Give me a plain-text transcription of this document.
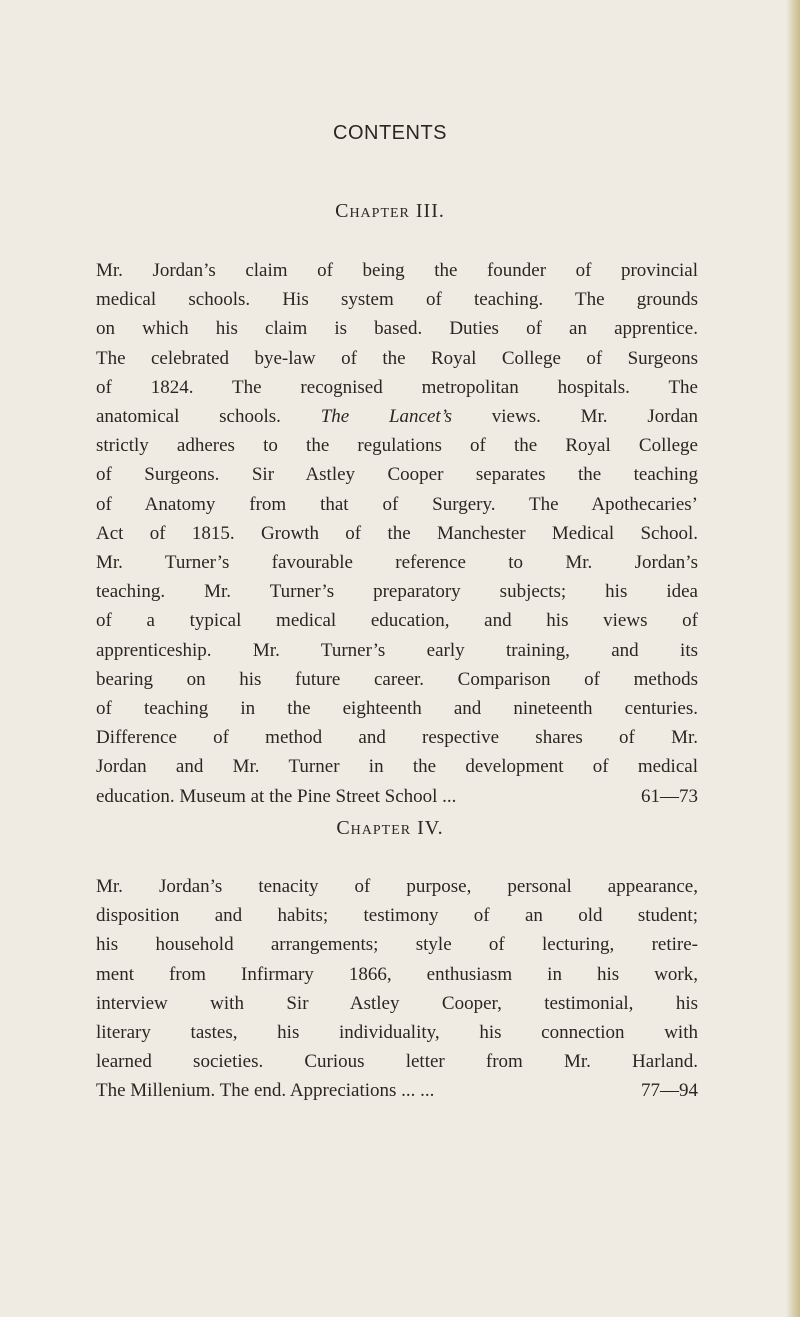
CONTENTS
Chapter III.
Mr. Jordan’s claim of being the founder of provincial
medical schools. His system of teaching. The grounds
on which his claim is based. Duties of an apprentice.
The celebrated bye-law of the Royal College of Surgeons
of 1824. The recognised metropolitan hospitals. The
anatomical schools. The Lancet’s views. Mr. Jordan
strictly adheres to the regulations of the Royal College
of Surgeons. Sir Astley Cooper separates the teaching
of Anatomy from that of Surgery. The Apothecaries’
Act of 1815. Growth of the Manchester Medical School.
Mr. Turner’s favourable reference to Mr. Jordan’s
teaching. Mr. Turner’s preparatory subjects; his idea
of a typical medical education, and his views of
apprenticeship. Mr. Turner’s early training, and its
bearing on his future career. Comparison of methods
of teaching in the eighteenth and nineteenth centuries.
Difference of method and respective shares of Mr.
Jordan and Mr. Turner in the development of medical
education. Museum at the Pine Street School ...	61—73
Chapter IV.
Mr. Jordan’s tenacity of purpose, personal appearance,
disposition and habits; testimony of an old student;
his household arrangements; style of lecturing, retire-
ment from Infirmary 1866, enthusiasm in his work,
interview with Sir Astley Cooper, testimonial, his
literary tastes, his individuality, his connection with
learned societies. Curious letter from Mr. Harland.
The Millenium. The end. Appreciations ... ...	77—94
